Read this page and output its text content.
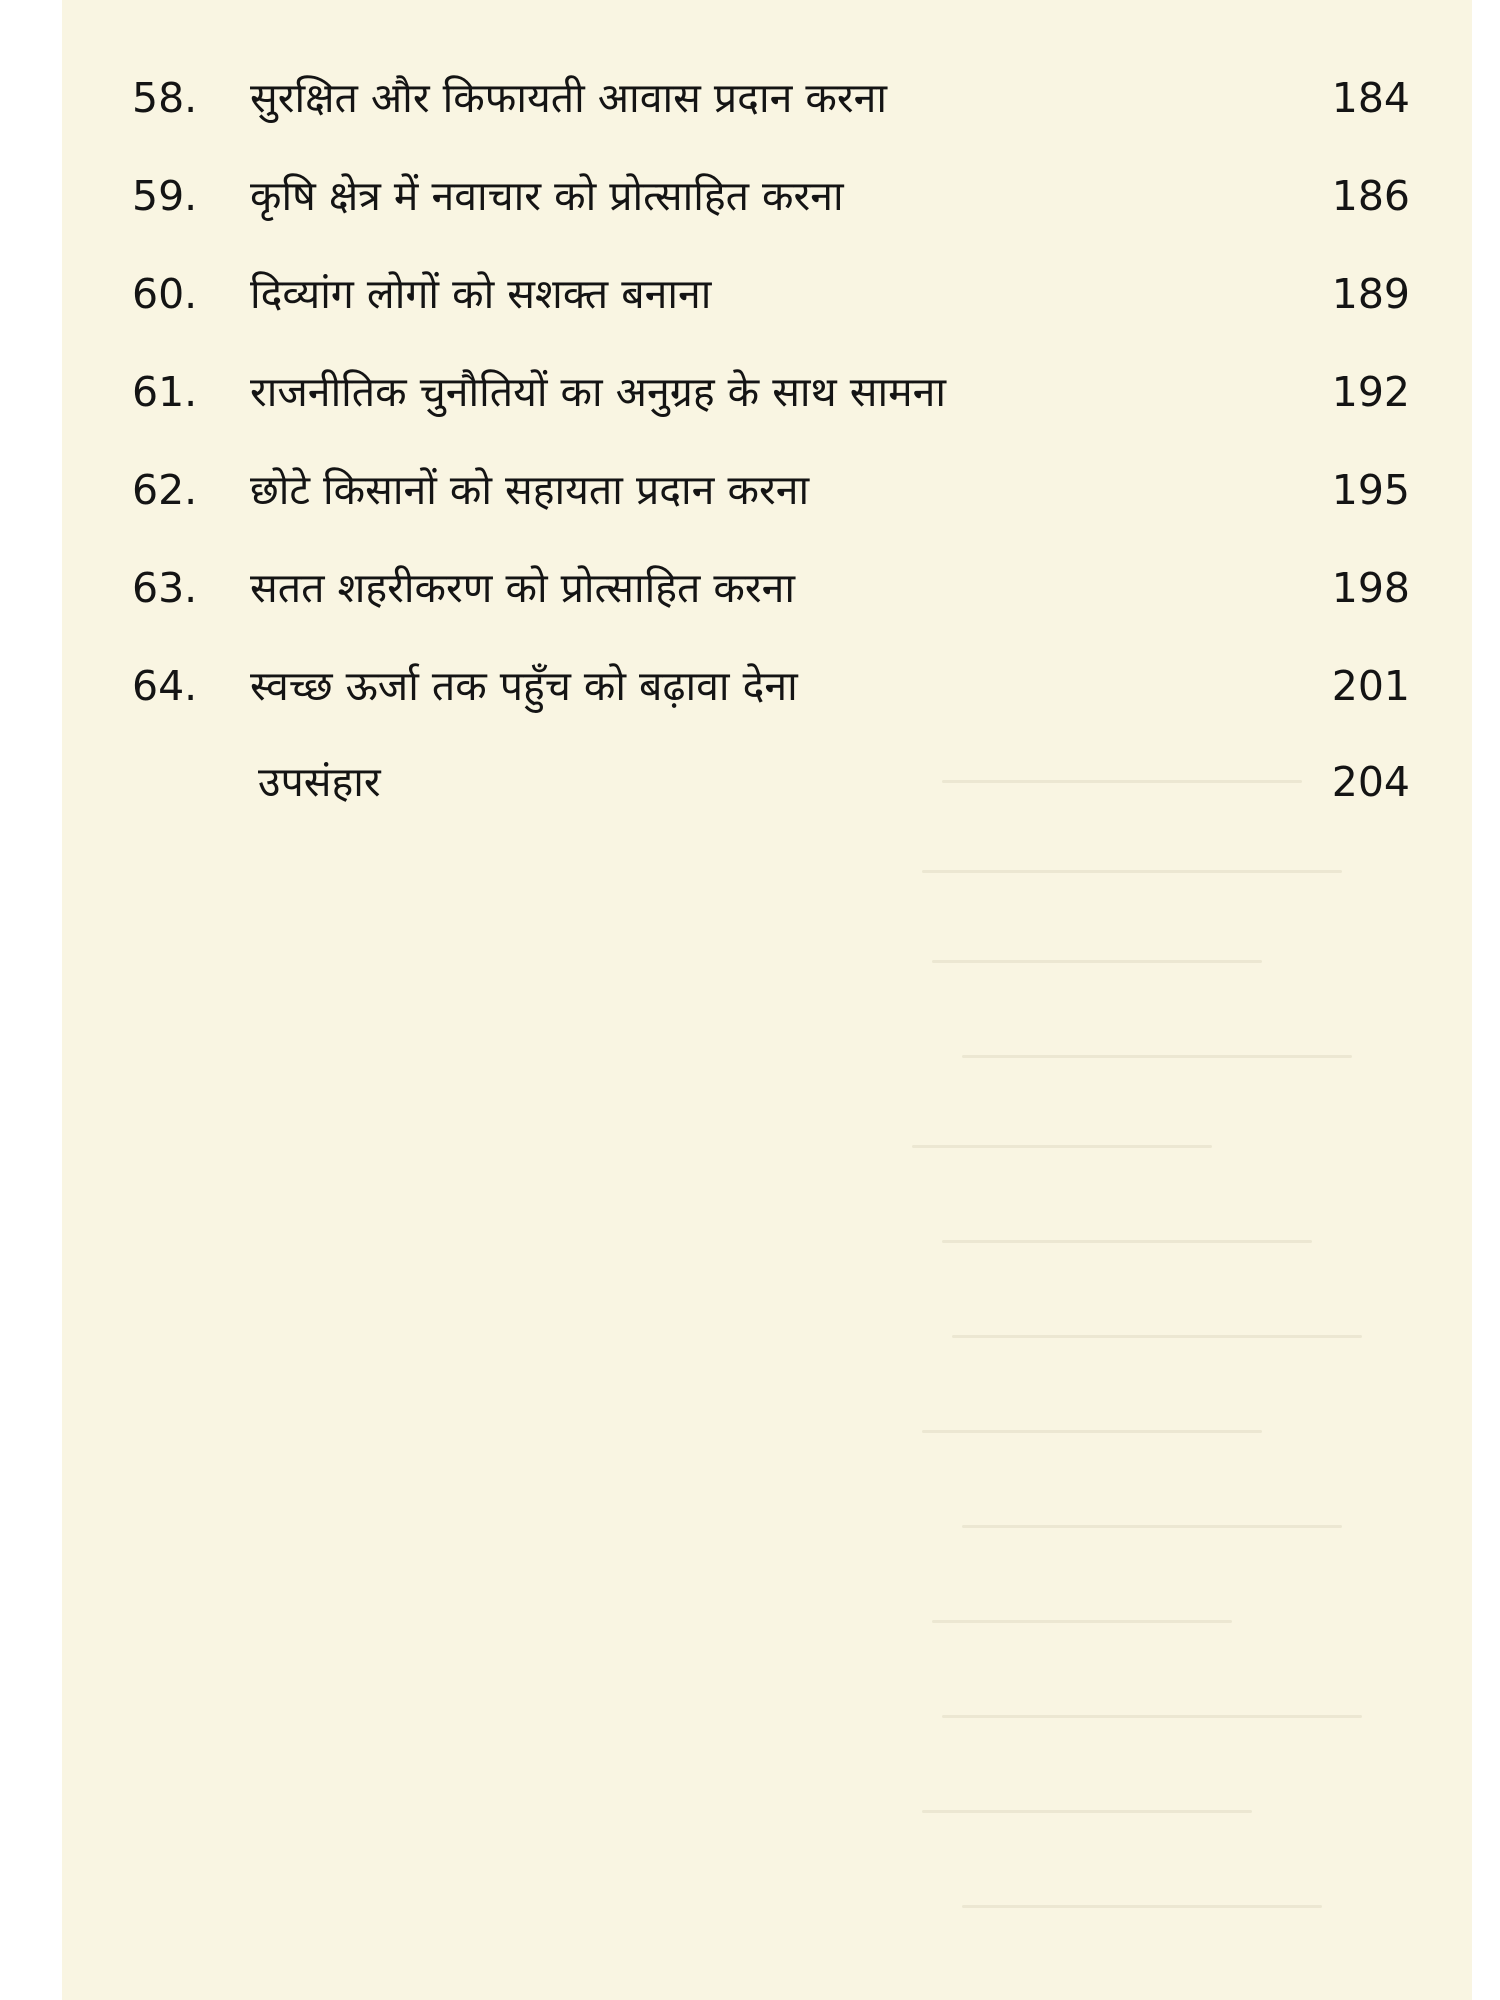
58. सुरक्षित और किफायती आवास प्रदान करना	184
59. कृषि क्षेत्र में नवाचार को प्रोत्साहित करना	186
60. दिव्यांग लोगों को सशक्त बनाना	189
61. राजनीतिक चुनौतियों का अनुग्रह के साथ सामना	192
62. छोटे किसानों को सहायता प्रदान करना	195
63. सतत शहरीकरण को प्रोत्साहित करना	198
64. स्वच्छ ऊर्जा तक पहुँच को बढ़ावा देना	201
उपसंहार	204
